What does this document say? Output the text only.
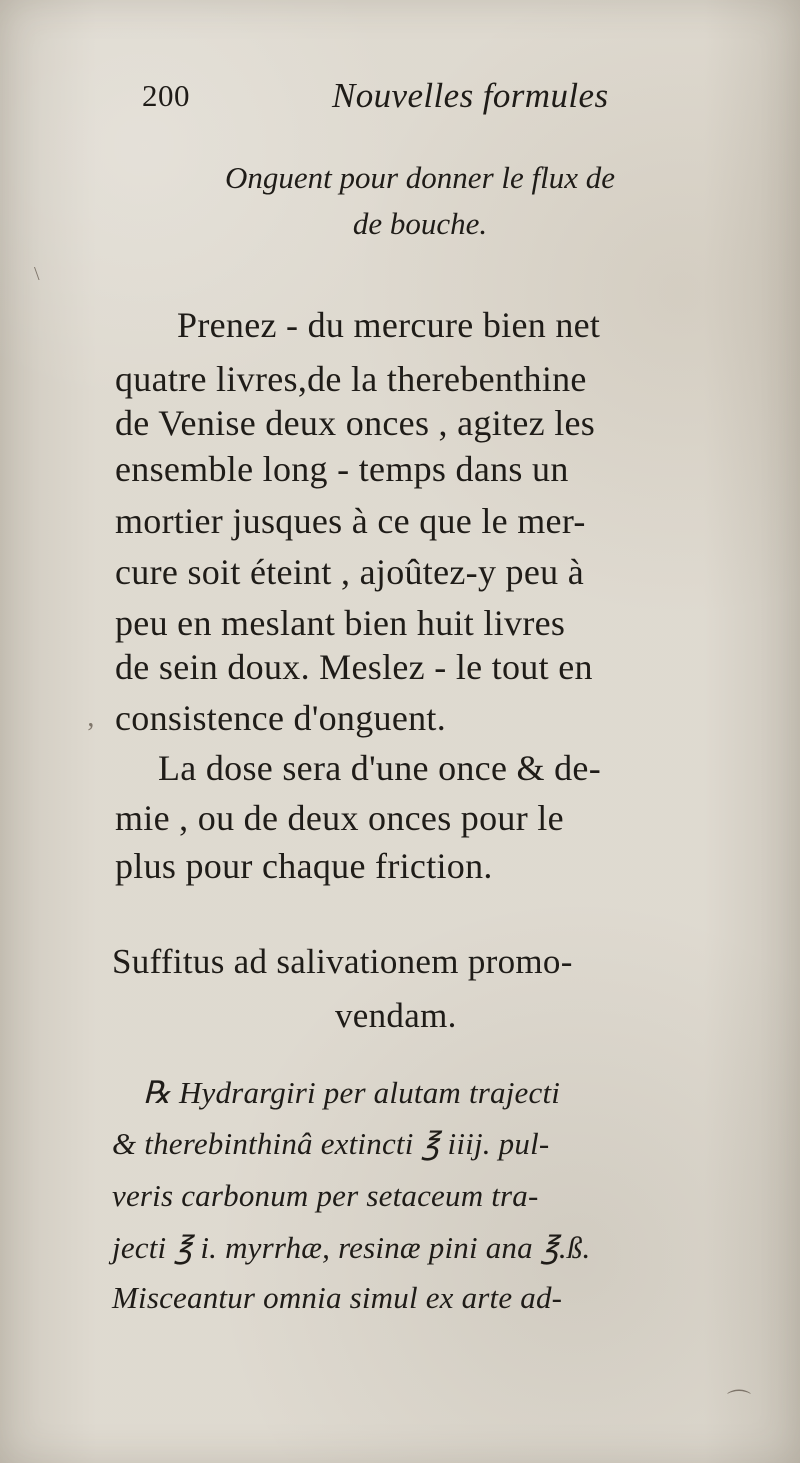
200	Nouvelles formules
Onguent pour donner le flux de
de bouche.
Prenez - du mercure bien net
quatre livres,de la therebenthine
de Venise deux onces , agitez les
ensemble long - temps dans un
mortier jusques à ce que le mer-
cure soit éteint , ajoûtez-y peu à
peu en meslant bien huit livres
de sein doux. Meslez - le tout en
consistence d'onguent.
La dose sera d'une once & de-
mie , ou de deux onces pour le
plus pour chaque friction.
Suffitus ad salivationem promo-
vendam.
℞ Hydrargiri per alutam trajecti
& therebinthinâ extincti ℥ iiij. pul-
veris carbonum per setaceum tra-
jecti ℥ i. myrrhæ, resinæ pini ana ℥.ß.
Misceantur omnia simul ex arte ad-
‚
\
⌒
